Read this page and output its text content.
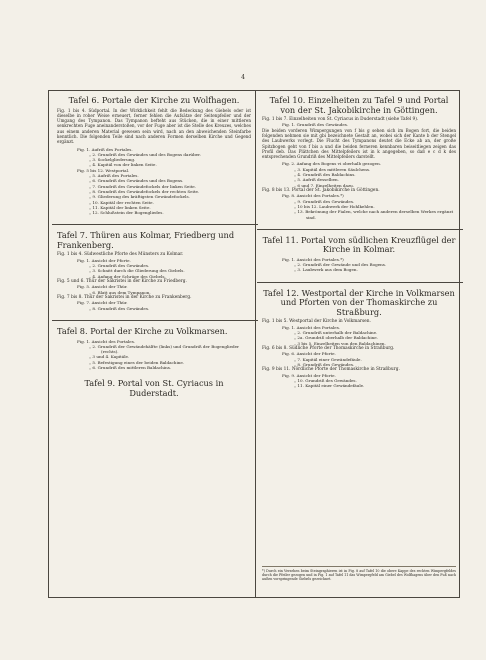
4

Tafel 6. Portale der Kirche zu Wolfhagen.

Fig. 1 bis 4. Südportal. In der Wirklichkeit fehlt die Bedeckung des Giebels oder ist dieselbe in roher Weise erneuert, ferner fehlen die Aufsätze der Seitenpfeiler und der Umgang des Tympanon. Das Tympanon befteht aus Stücken, die in einer mittleren senkrechten Fuge aneinanderstoßen, vor der Fuge aber ist die Stelle des Kreuzes, welches aus einem anderen Material gewesen sein wird, nach an den abweichenden Steinfarbe kenntlich. Die folgenden Teile sind nach anderen Formen derselben Kirche und Gegend ergänzt.

Fig. 1. Aufriß des Portales.

„ 2. Grundriß des Gewändes und des Bogens darüber.

„ 3. Sockelgliederung.

„ 4. Kapitäl von der linken Seite.

Fig. 5 bis 12. Westportal.

„ 5. Aufriß des Portales.

„ 6. Grundriß des Gewändes und des Bogens.

„ 7. Grundriß des Gewändefockels der linken Seite.

„ 8. Grundriß des Gewändefockels der rechten Seite.

„ 9. Gliederung des kräftigsten Gewändefockels.

„ 10. Kapitäl der rechten Seite.

„ 11. Kapitäl der linken Seite.

„ 12. Schlußstein der Bogengliedes.

Tafel 7. Thüren aus Kolmar, Friedberg und Frankenberg.

Fig. 1 bis 4. Südwestliche Pforte des Münsters zu Kolmar.

Fig. 1. Ansicht der Pforte.

„ 2. Grundriß des Gewändes.

„ 3. Schnitt durch die Gliederung des Giebels.

„ 4. Anfang der Schräge des Giebels.

Fig. 5 und 6. Thür der Sakristei in der Kirche zu Friedberg.

Fig. 5. Ansicht der Thür.

„ 6. Blatt aus dem Tympanon.

Fig. 7 bis 8. Thür der Sakristei in der Kirche zu Frankenberg.

Fig. 7. Ansicht der Thür.

„ 8. Grundriß des Gewändes.

Tafel 8. Portal der Kirche zu Volkmarsen.

Fig. 1. Ansicht des Portales.

„ 2. Grundriß der Gewändehälfte (links) und Grundriß der Bogenglieder (rechts).

„ 3 und 4. Kapitäle.

„ 5. Befestigung eines der beiden Baldachine.

„ 6. Grundriß des mittleren Baldachins.

Tafel 9. Portal von St. Cyriacus in Duderstadt.

Tafel 10. Einzelheiten zu Tafel 9 und Portal von der St. Jakobikirche in Göttingen.

Fig. 1 bis 7. Einzelheiten von St. Cyriacus in Duderstadt (siehe Tafel 9).

Fig. 1. Grundriß des Gewändes.

Die beiden vorderen Wimpergungen von f bis g sehen sich im Bogen fort, die beiden folgenden nehmen sie mit gbi bezeichnete Gestalt an, wobei sich der Kante b der Stengel des Laubwerks vorlegt. Die Flucht des Tympanons deutet die Ecke ab an, der große Spitzbogen geht von f bis a und die beiden ferneren kennbaren beiseitliegen zeigen das Profil deb. Das Plättchen des Mittelpfeilers ist in k angegeben, so daß e c d k des entsprechenden Grundriß des Mittelpfeilers darstellt.

Fig. 2. Anfang des Bogens vi oberhalb gezogen.

„ 3. Kapitäl des mittleren Säulchens.

„ 4. Grundriß des Baldachins.

„ 5. Aufriß desselben.

„ 6 und 7. Einzelheiten dazu.

Fig. 8 bis 13. Portal der St. Jakobikirche in Göttingen.

Fig. 8. Ansicht des Portales.*)

„ 9. Grundriß des Gewändes.

„ 10 bis 12. Laubwerk der Hohlkehlen.

„ 13. Bekrönung der Fialen, welche nach anderen derselben Werkes ergänzt sind.

Tafel 11. Portal vom südlichen Kreuzflügel der Kirche in Kolmar.

Fig. 1. Ansicht des Portales.*)

„ 2. Grundriß der Gewände und des Bogens.

„ 3. Laubwerk aus dem Bogen.

Tafel 12. Westportal der Kirche in Volkmarsen und Pforten von der Thomaskirche zu Straßburg.

Fig. 1 bis 5. Westportal der Kirche in Volkmarsen.

Fig. 1. Ansicht des Portales.

„ 2. Grundriß unterhalb der Baldachine.

„ 2a. Grundriß oberhalb der Baldachine.

„ 3 bis 5. Einzelheiten von den Baldachinen.

Fig. 6 bis 8. Südliche Pforte der Thomaskirche in Straßburg.

Fig. 6. Ansicht der Pforte.

„ 7. Kapitäl einer Gewändefäule.

„ 8. Grundriß des Gewändes.

Fig. 9 bis 11. Nördliche Pforte der Thomaskirche in Straßburg.

Fig. 9. Ansicht der Pforte.

„ 10. Grundriß des Gewändes.

„ 11. Kapitäl einer Gewändefäule.

*) Durch ein Versehen beim Steingraphieren ist in Fig. 8 auf Tafel 10 die obere Kappe des rechten Wimpergfeldes durch die Pfeiler gezogen und in Fig. 1 auf Tafel 11 das Wimpergfeld am Giebel des Wolfhagens über den Fuß nach außen vorspringende Giebels gezeichnet.
